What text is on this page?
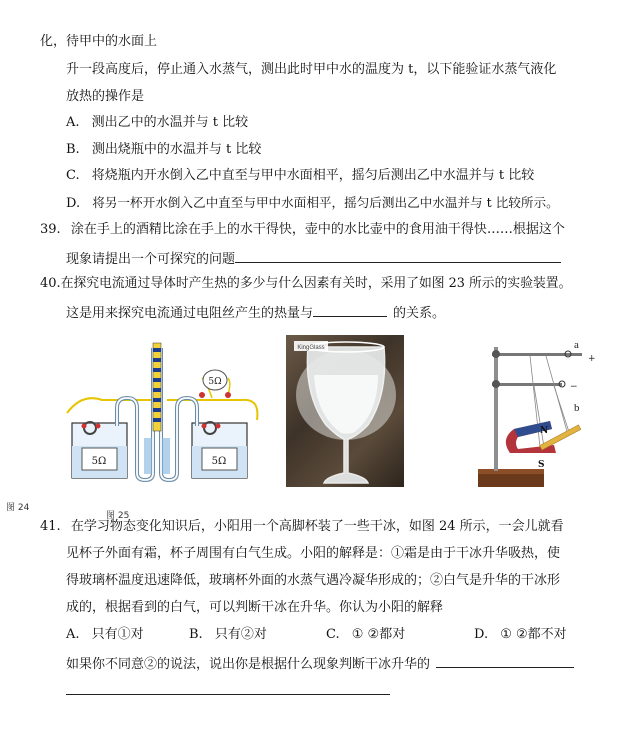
化，待甲中的水面上
升一段高度后，停止通入水蒸气，测出此时甲中水的温度为 t，以下能验证水蒸气液化
放热的操作是
A. 测出乙中的水温并与 t 比较
B. 测出烧瓶中的水温并与 t 比较
C. 将烧瓶内开水倒入乙中直至与甲中水面相平，摇匀后测出乙中水温并与 t 比较
D. 将另一杯开水倒入乙中直至与甲中水面相平，摇匀后测出乙中水温并与 t 比较所示。
39. 涂在手上的酒精比涂在手上的水干得快，壶中的水比壶中的食用油干得快……根据这个
现象请提出一个可探究的问题
40.在探究电流通过导体时产生热的多少与什么因素有关时，采用了如图 23 所示的实验装置。
这是用来探究电流通过电阻丝产生的热量与	的关系。
5Ω
5Ω	5Ω
KingGlass	a
+
−
b
N
S
图 24
图 25
41. 在学习物态变化知识后，小阳用一个高脚杯装了一些干冰，如图 24 所示，一会儿就看
见杯子外面有霜，杯子周围有白气生成。小阳的解释是：①霜是由于干冰升华吸热，使
得玻璃杯温度迅速降低，玻璃杯外面的水蒸气遇冷凝华形成的；②白气是升华的干冰形
成的，根据看到的白气，可以判断干冰在升华。你认为小阳的解释
A. 只有①对	B. 只有②对	C. ① ②都对	D. ① ②都不对
如果你不同意②的说法，说出你是根据什么现象判断干冰升华的
